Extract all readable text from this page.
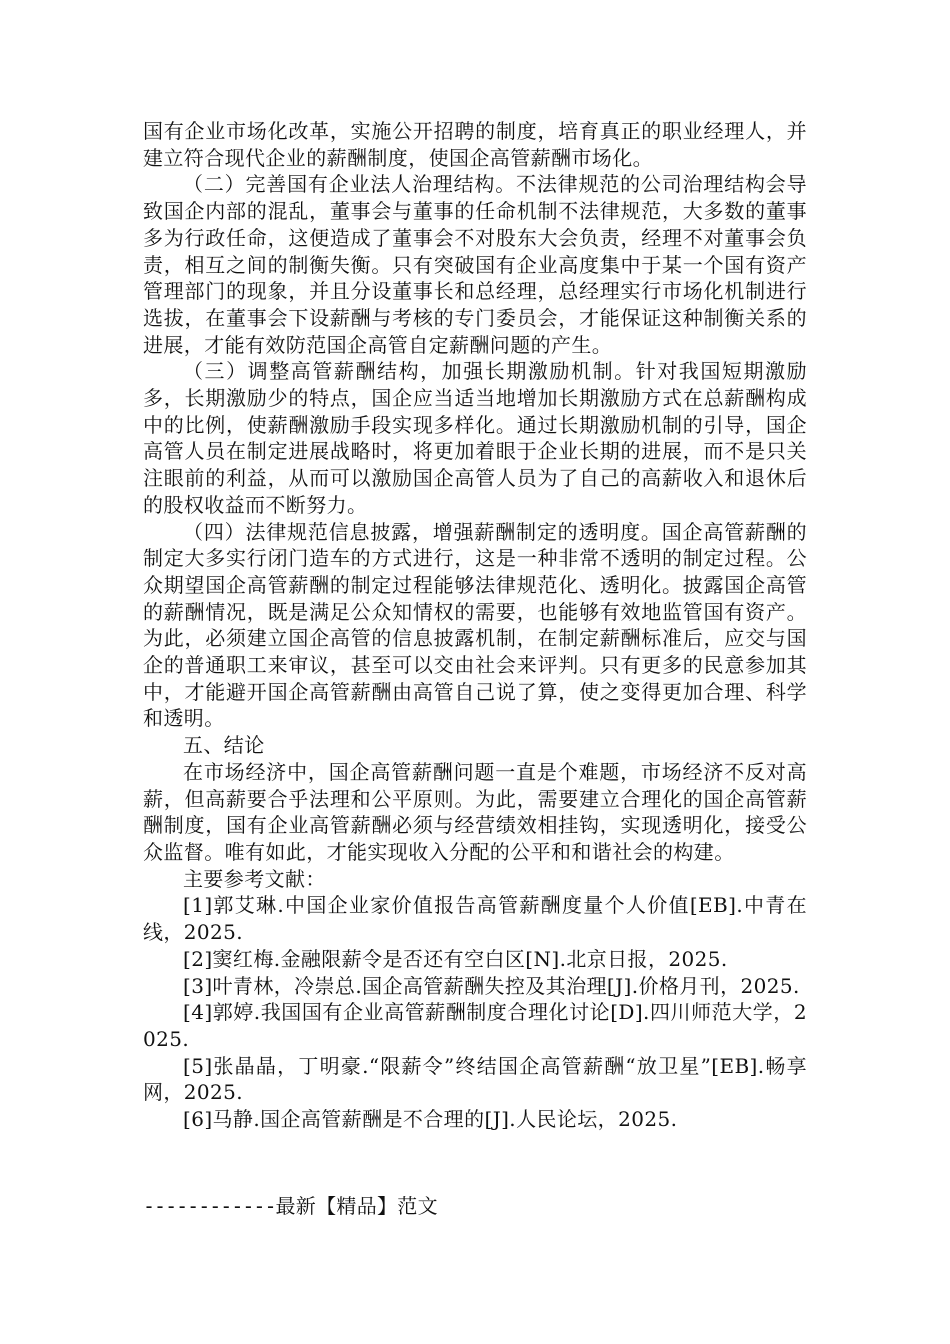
国有企业市场化改革，实施公开招聘的制度，培育真正的职业经理人，并建立符合现代企业的薪酬制度，使国企高管薪酬市场化。

（二）完善国有企业法人治理结构。不法律规范的公司治理结构会导致国企内部的混乱，董事会与董事的任命机制不法律规范，大多数的董事多为行政任命，这便造成了董事会不对股东大会负责，经理不对董事会负责，相互之间的制衡失衡。只有突破国有企业高度集中于某一个国有资产管理部门的现象，并且分设董事长和总经理，总经理实行市场化机制进行选拔，在董事会下设薪酬与考核的专门委员会，才能保证这种制衡关系的进展，才能有效防范国企高管自定薪酬问题的产生。

（三）调整高管薪酬结构，加强长期激励机制。针对我国短期激励多，长期激励少的特点，国企应当适当地增加长期激励方式在总薪酬构成中的比例，使薪酬激励手段实现多样化。通过长期激励机制的引导，国企高管人员在制定进展战略时，将更加着眼于企业长期的进展，而不是只关注眼前的利益，从而可以激励国企高管人员为了自己的高薪收入和退休后的股权收益而不断努力。

（四）法律规范信息披露，增强薪酬制定的透明度。国企高管薪酬的制定大多实行闭门造车的方式进行，这是一种非常不透明的制定过程。公众期望国企高管薪酬的制定过程能够法律规范化、透明化。披露国企高管的薪酬情况，既是满足公众知情权的需要，也能够有效地监管国有资产。为此，必须建立国企高管的信息披露机制，在制定薪酬标准后，应交与国企的普通职工来审议，甚至可以交由社会来评判。只有更多的民意参加其中，才能避开国企高管薪酬由高管自己说了算，使之变得更加合理、科学和透明。

五、结论

在市场经济中，国企高管薪酬问题一直是个难题，市场经济不反对高薪，但高薪要合乎法理和公平原则。为此，需要建立合理化的国企高管薪酬制度，国有企业高管薪酬必须与经营绩效相挂钩，实现透明化，接受公众监督。唯有如此，才能实现收入分配的公平和和谐社会的构建。

主要参考文献：

[1]郭艾琳.中国企业家价值报告高管薪酬度量个人价值[EB].中青在线，2025.

[2]窦红梅.金融限薪令是否还有空白区[N].北京日报，2025.

[3]叶青林，冷崇总.国企高管薪酬失控及其治理[J].价格月刊，2025.

[4]郭婷.我国国有企业高管薪酬制度合理化讨论[D].四川师范大学，2025.

[5]张晶晶，丁明豪.“限薪令”终结国企高管薪酬“放卫星”[EB].畅享网，2025.

[6]马静.国企高管薪酬是不合理的[J].人民论坛，2025.

------------最新【精品】范文
